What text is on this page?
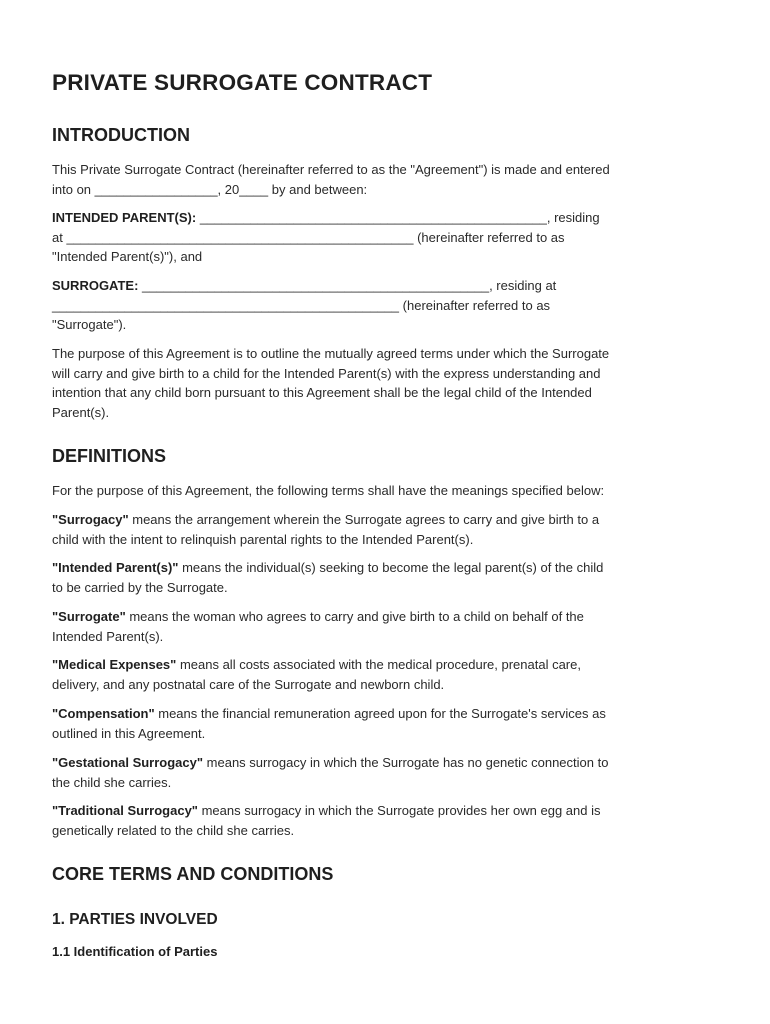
PRIVATE SURROGATE CONTRACT
INTRODUCTION

This Private Surrogate Contract (hereinafter referred to as the "Agreement") is made and entered
into on _________________, 20____ by and between:

INTENDED PARENT(S): ________________________________________________, residing
at ________________________________________________ (hereinafter referred to as
"Intended Parent(s)"), and

SURROGATE: ________________________________________________, residing at
________________________________________________ (hereinafter referred to as
"Surrogate").

The purpose of this Agreement is to outline the mutually agreed terms under which the Surrogate
will carry and give birth to a child for the Intended Parent(s) with the express understanding and
intention that any child born pursuant to this Agreement shall be the legal child of the Intended
Parent(s).

DEFINITIONS

For the purpose of this Agreement, the following terms shall have the meanings specified below:

"Surrogacy" means the arrangement wherein the Surrogate agrees to carry and give birth to a
child with the intent to relinquish parental rights to the Intended Parent(s).

"Intended Parent(s)" means the individual(s) seeking to become the legal parent(s) of the child
to be carried by the Surrogate.

"Surrogate" means the woman who agrees to carry and give birth to a child on behalf of the
Intended Parent(s).

"Medical Expenses" means all costs associated with the medical procedure, prenatal care,
delivery, and any postnatal care of the Surrogate and newborn child.

"Compensation" means the financial remuneration agreed upon for the Surrogate's services as
outlined in this Agreement.

"Gestational Surrogacy" means surrogacy in which the Surrogate has no genetic connection to
the child she carries.

"Traditional Surrogacy" means surrogacy in which the Surrogate provides her own egg and is
genetically related to the child she carries.

CORE TERMS AND CONDITIONS
1. PARTIES INVOLVED
1.1 Identification of Parties
